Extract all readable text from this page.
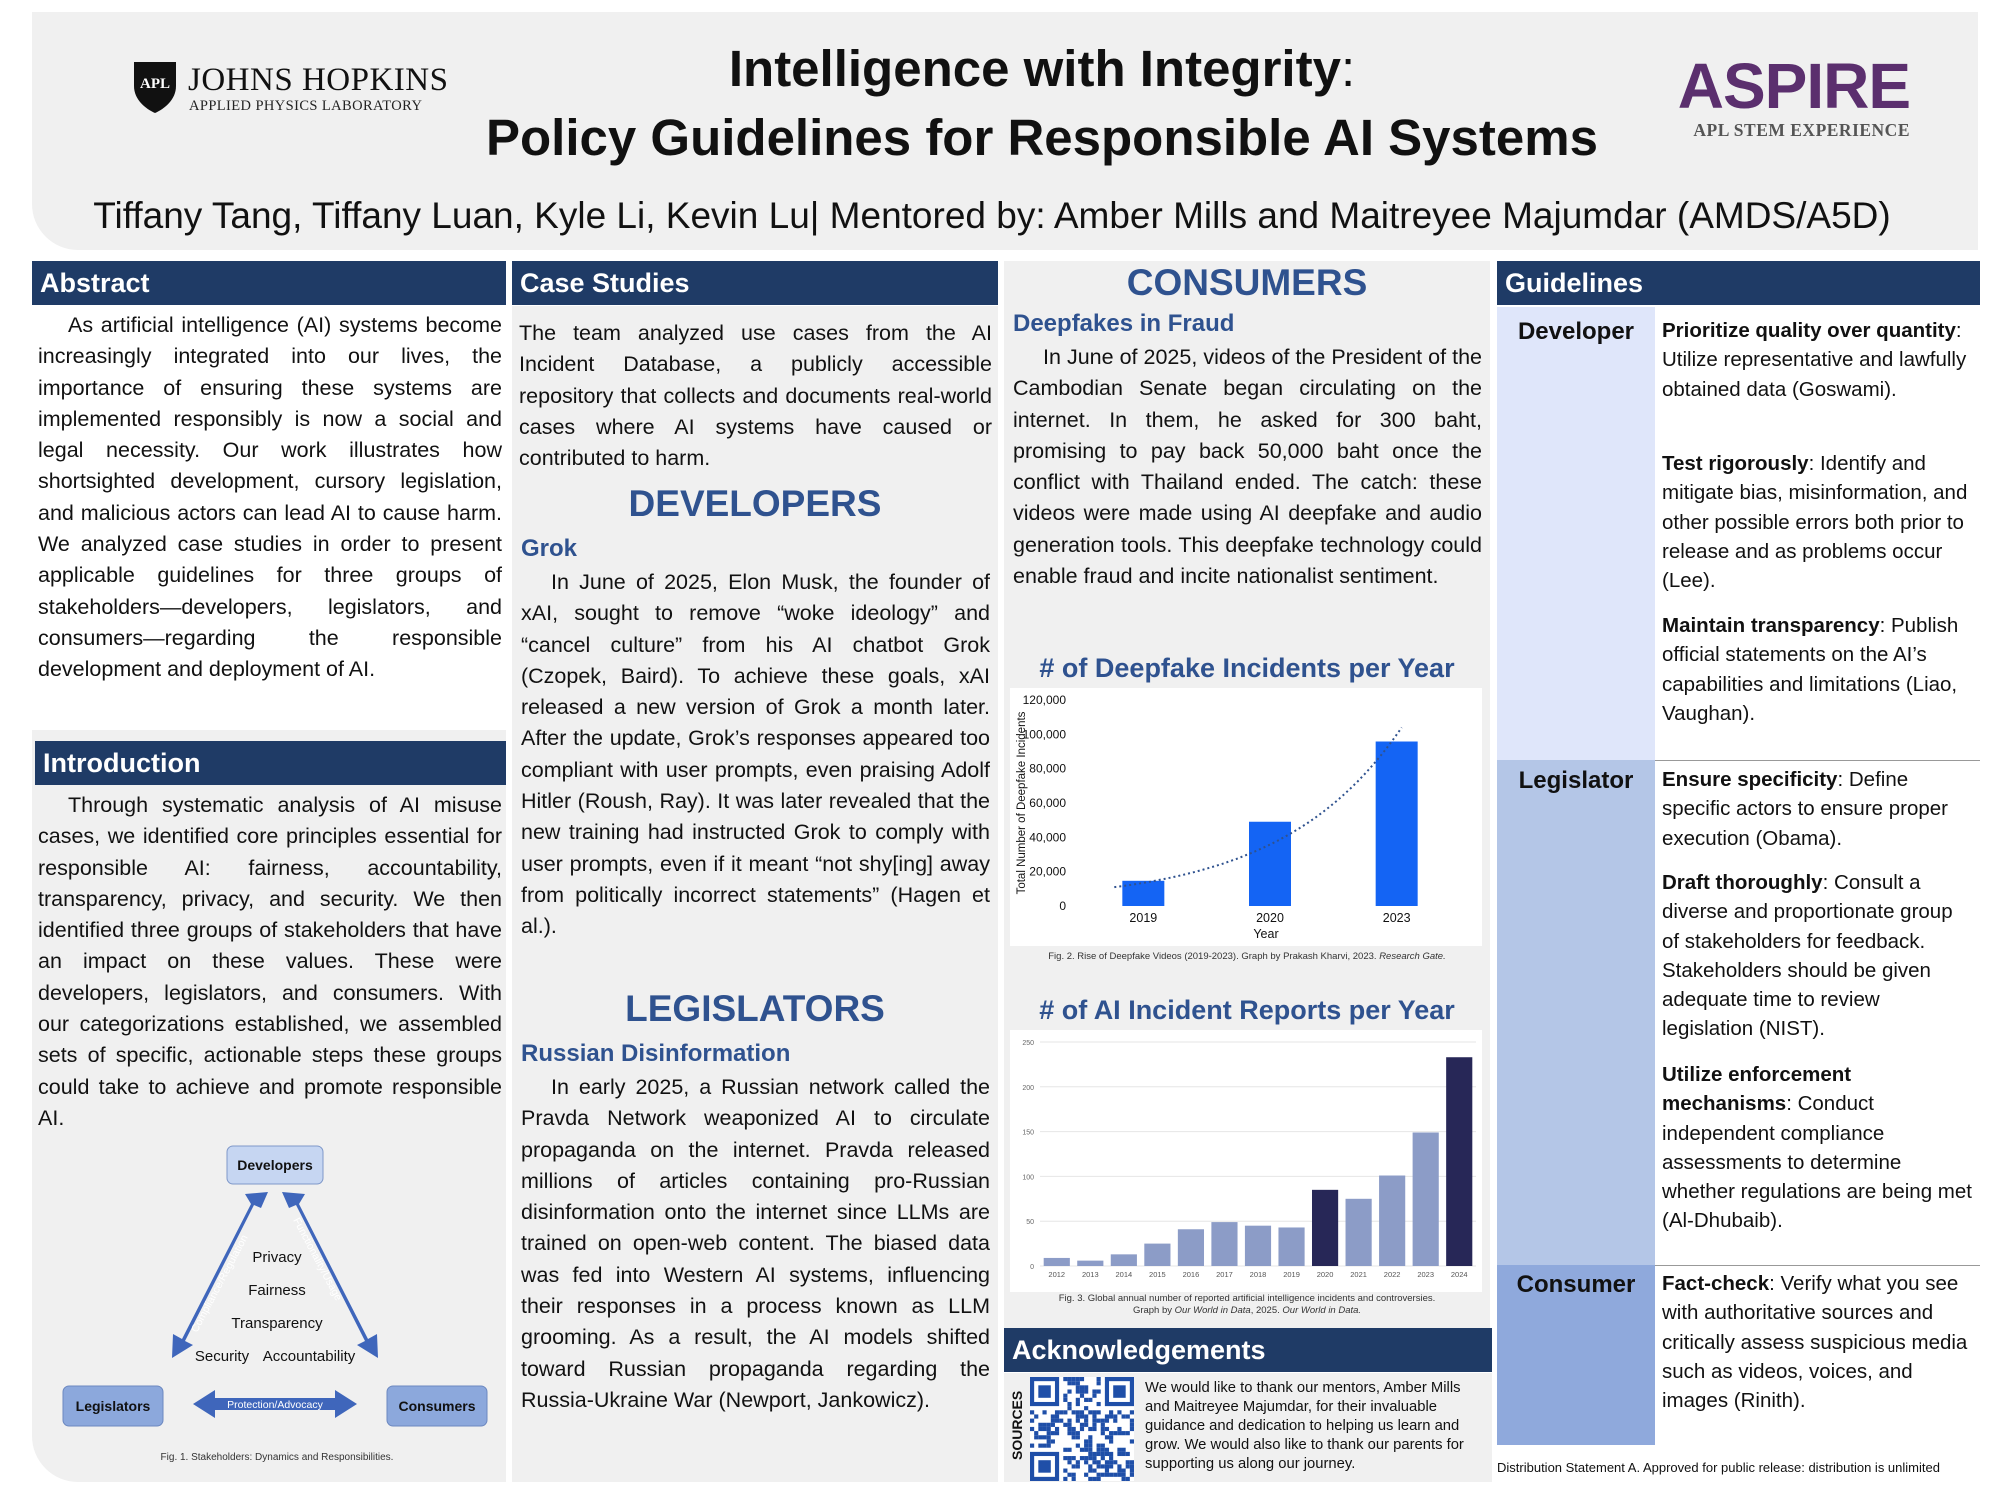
APL JOHNS HOPKINS
APPLIED PHYSICS LABORATORY
Intelligence with Integrity:
Policy Guidelines for Responsible AI Systems
Tiffany Tang, Tiffany Luan, Kyle Li, Kevin Lu| Mentored by: Amber Mills and Maitreyee Majumdar (AMDS/A5D)
ASPIRE
APL STEM EXPERIENCE
Abstract

As artificial intelligence (AI) systems become increasingly integrated into our lives, the importance of ensuring these systems are implemented responsibly is now a social and legal necessity. Our work illustrates how shortsighted development, cursory legislation, and malicious actors can lead AI to cause harm. We analyzed case studies in order to present applicable guidelines for three groups of stakeholders—developers, legislators, and consumers—regarding the responsible development and deployment of AI.

Introduction

Through systematic analysis of AI misuse cases, we identified core principles essential for responsible AI: fairness, accountability, transparency, privacy, and security. We then identified three groups of stakeholders that have an impact on these values. These were developers, legislators, and consumers. With our categorizations established, we assembled sets of specific, actionable steps these groups could take to achieve and promote responsible AI.

Compliance/Regulation	Functionality/Usage
Protection/Advocacy
Developers
Legislators	Consumers
Privacy
Fairness
Transparency
Security Accountability
Fig. 1. Stakeholders: Dynamics and Responsibilities.
Case Studies

The team analyzed use cases from the AI Incident Database, a publicly accessible repository that collects and documents real-world cases where AI systems have caused or contributed to harm.

DEVELOPERS
Grok

In June of 2025, Elon Musk, the founder of xAI, sought to remove “woke ideology” and “cancel culture” from his AI chatbot Grok (Czopek, Baird). To achieve these goals, xAI released a new version of Grok a month later. After the update, Grok’s responses appeared too compliant with user prompts, even praising Adolf Hitler (Roush, Ray). It was later revealed that the new training had instructed Grok to comply with user prompts, even if it meant “not shy[ing] away from politically incorrect statements” (Hagen et al.).

LEGISLATORS
Russian Disinformation

In early 2025, a Russian network called the Pravda Network weaponized AI to circulate propaganda on the internet. Pravda released millions of articles containing pro-Russian disinformation onto the internet since LLMs are trained on open-web content. The biased data was fed into Western AI systems, influencing their responses in a process known as LLM grooming. As a result, the AI models shifted toward Russian propaganda regarding the Russia-Ukraine War (Newport, Jankowicz).

CONSUMERS
Deepfakes in Fraud

In June of 2025, videos of the President of the Cambodian Senate began circulating on the internet. In them, he asked for 300 baht, promising to pay back 50,000 baht once the conflict with Thailand ended. The catch: these videos were made using AI deepfake and audio generation tools. This deepfake technology could enable fraud and incite nationalist sentiment.

# of Deepfake Incidents per Year
0
20,000
40,000
60,000
80,000
100,000
120,000
Total Number of Deepfake Incidents
2019	2020	2023
Year
Fig. 2. Rise of Deepfake Videos (2019-2023). Graph by Prakash Kharvi, 2023. Research Gate.
# of AI Incident Reports per Year
0
50
100
150
200
250
2012 2013 2014 2015 2016 2017 2018 2019 2020 2021 2022 2023 2024
Fig. 3. Global annual number of reported artificial intelligence incidents and controversies.
Graph by Our World in Data, 2025. Our World in Data.
Acknowledgements
SOURCES
We would like to thank our mentors, Amber Mills and Maitreyee Majumdar, for their invaluable guidance and dedication to helping us learn and grow. We would also like to thank our parents for supporting us along our journey.
Guidelines
Developer	Prioritize quality over quantity: Utilize representative and lawfully obtained data (Goswami).
Test rigorously: Identify and mitigate bias, misinformation, and other possible errors both prior to release and as problems occur (Lee).
Maintain transparency: Publish official statements on the AI’s capabilities and limitations (Liao, Vaughan).
Legislator	Ensure specificity: Define specific actors to ensure proper execution (Obama).
Draft thoroughly: Consult a diverse and proportionate group of stakeholders for feedback. Stakeholders should be given adequate time to review legislation (NIST).
Utilize enforcement mechanisms: Conduct independent compliance assessments to determine whether regulations are being met (Al-Dhubaib).
Consumer	Fact-check: Verify what you see with authoritative sources and critically assess suspicious media such as videos, voices, and images (Rinith).
Distribution Statement A. Approved for public release: distribution is unlimited
